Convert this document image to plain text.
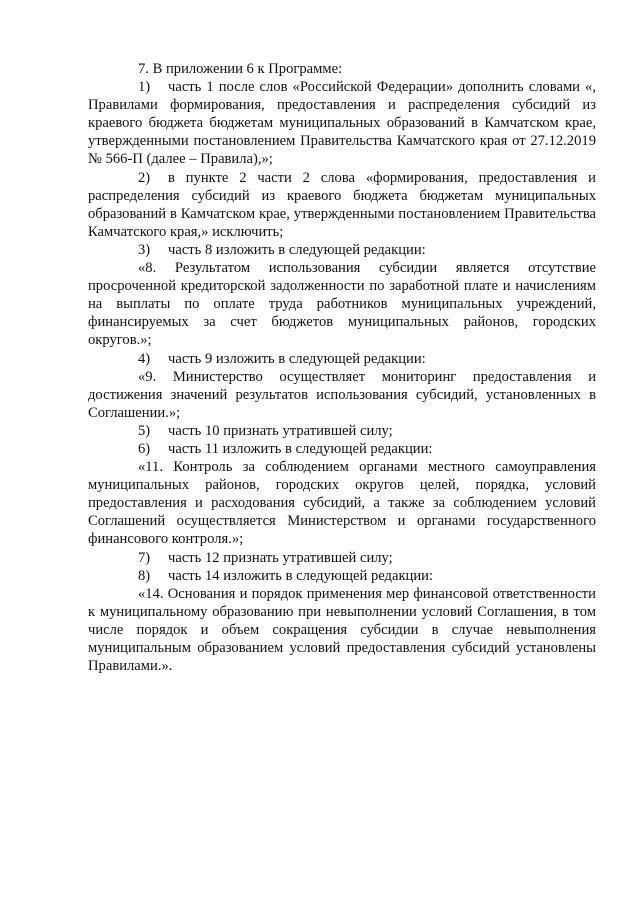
7. В приложении 6 к Программе:

1) часть 1 после слов «Российской Федерации» дополнить словами «, Правилами формирования, предоставления и распределения субсидий из краевого бюджета бюджетам муниципальных образований в Камчатском крае, утвержденными постановлением Правительства Камчатского края от 27.12.2019 № 566-П (далее – Правила),»;

2) в пункте 2 части 2 слова «формирования, предоставления и распределения субсидий из краевого бюджета бюджетам муниципальных образований в Камчатском крае, утвержденными постановлением Правительства Камчатского края,» исключить;

3) часть 8 изложить в следующей редакции:

«8. Результатом использования субсидии является отсутствие просроченной кредиторской задолженности по заработной плате и начислениям на выплаты по оплате труда работников муниципальных учреждений, финансируемых за счет бюджетов муниципальных районов, городских округов.»;

4) часть 9 изложить в следующей редакции:

«9. Министерство осуществляет мониторинг предоставления и достижения значений результатов использования субсидий, установленных в Соглашении.»;

5) часть 10 признать утратившей силу;

6) часть 11 изложить в следующей редакции:

«11. Контроль за соблюдением органами местного самоуправления муниципальных районов, городских округов целей, порядка, условий предоставления и расходования субсидий, а также за соблюдением условий Соглашений осуществляется Министерством и органами государственного финансового контроля.»;

7) часть 12 признать утратившей силу;

8) часть 14 изложить в следующей редакции:

«14. Основания и порядок применения мер финансовой ответственности к муниципальному образованию при невыполнении условий Соглашения, в том числе порядок и объем сокращения субсидии в случае невыполнения муниципальным образованием условий предоставления субсидий установлены Правилами.».
